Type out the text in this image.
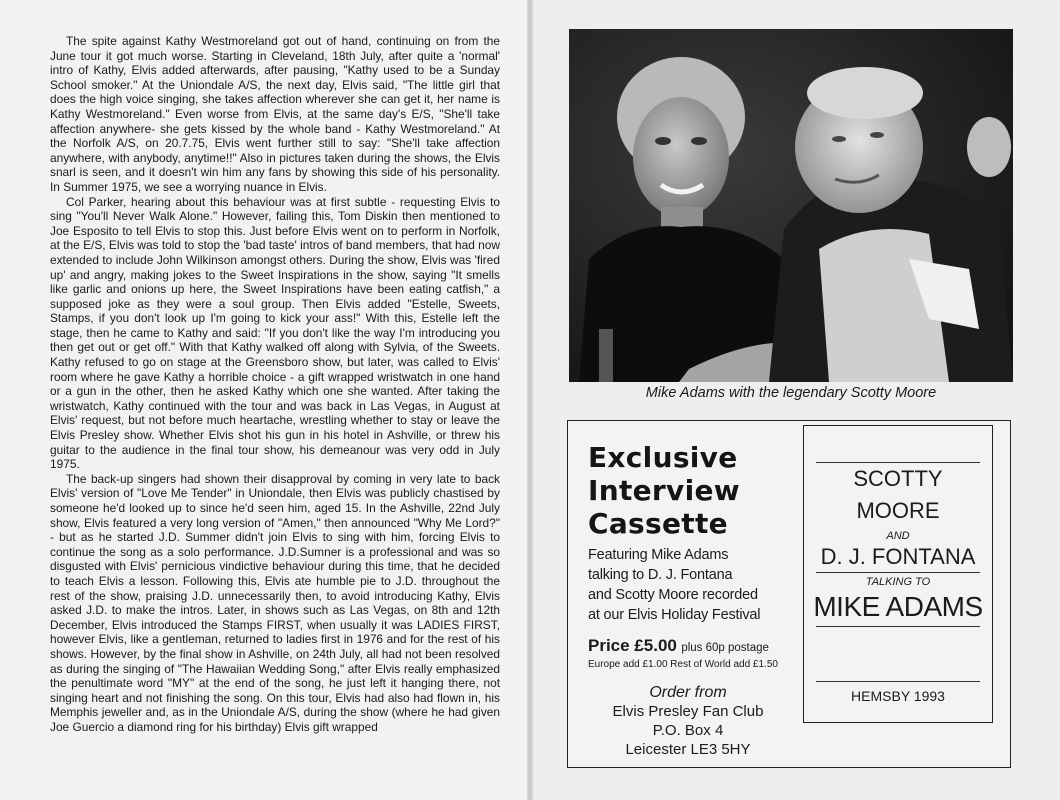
The spite against Kathy Westmoreland got out of hand, continuing on from the June tour it got much worse. Starting in Cleveland, 18th July, after quite a 'normal' intro of Kathy, Elvis added afterwards, after pausing, "Kathy used to be a Sunday School smoker." At the Uniondale A/S, the next day, Elvis said, "The little girl that does the high voice singing, she takes affection wherever she can get it, her name is Kathy Westmoreland." Even worse from Elvis, at the same day's E/S, "She'll take affection anywhere- she gets kissed by the whole band - Kathy Westmoreland." At the Norfolk A/S, on 20.7.75, Elvis went further still to say: "She'll take affection anywhere, with anybody, anytime!!" Also in pictures taken during the shows, the Elvis snarl is seen, and it doesn't win him any fans by showing this side of his personality. In Summer 1975, we see a worrying nuance in Elvis.

Col Parker, hearing about this behaviour was at first subtle - requesting Elvis to sing "You'll Never Walk Alone." However, failing this, Tom Diskin then mentioned to Joe Esposito to tell Elvis to stop this. Just before Elvis went on to perform in Norfolk, at the E/S, Elvis was told to stop the 'bad taste' intros of band members, that had now extended to include John Wilkinson amongst others. During the show, Elvis was 'fired up' and angry, making jokes to the Sweet Inspirations in the show, saying "It smells like garlic and onions up here, the Sweet Inspirations have been eating catfish," a supposed joke as they were a soul group. Then Elvis added "Estelle, Sweets, Stamps, if you don't look up I'm going to kick your ass!" With this, Estelle left the stage, then he came to Kathy and said: "If you don't like the way I'm introducing you then get out or get off." With that Kathy walked off along with Sylvia, of the Sweets. Kathy refused to go on stage at the Greensboro show, but later, was called to Elvis' room where he gave Kathy a horrible choice - a gift wrapped wristwatch in one hand or a gun in the other, then he asked Kathy which one she wanted. After taking the wristwatch, Kathy continued with the tour and was back in Las Vegas, in August at Elvis' request, but not before much heartache, wrestling whether to stay or leave the Elvis Presley show. Whether Elvis shot his gun in his hotel in Ashville, or threw his guitar to the audience in the final tour show, his demeanour was very odd in July 1975.

The back-up singers had shown their disapproval by coming in very late to back Elvis' version of "Love Me Tender" in Uniondale, then Elvis was publicly chastised by someone he'd looked up to since he'd seen him, aged 15. In the Ashville, 22nd July show, Elvis featured a very long version of "Amen," then announced "Why Me Lord?" - but as he started J.D. Summer didn't join Elvis to sing with him, forcing Elvis to continue the song as a solo performance. J.D.Sumner is a professional and was so disgusted with Elvis' pernicious vindictive behaviour during this time, that he decided to teach Elvis a lesson. Following this, Elvis ate humble pie to J.D. throughout the rest of the show, praising J.D. unnecessarily then, to avoid introducing Kathy, Elvis asked J.D. to make the intros. Later, in shows such as Las Vegas, on 8th and 12th December, Elvis introduced the Stamps FIRST, when usually it was LADIES FIRST, however Elvis, like a gentleman, returned to ladies first in 1976 and for the rest of his shows. However, by the final show in Ashville, on 24th July, all had not been resolved as during the singing of "The Hawaiian Wedding Song," after Elvis really emphasized the penultimate word "MY" at the end of the song, he just left it hanging there, not singing heart and not finishing the song. On this tour, Elvis had also had flown in, his Memphis jeweller and, as in the Uniondale A/S, during the show (where he had given Joe Guercio a diamond ring for his birthday) Elvis gift wrapped

Mike Adams with the legendary Scotty Moore
Exclusive
Interview
Cassette
Featuring Mike Adams
talking to D. J. Fontana
and Scotty Moore recorded
at our Elvis Holiday Festival
Price £5.00 plus 60p postage
Europe add £1.00 Rest of World add £1.50
Order from
Elvis Presley Fan Club
P.O. Box 4
Leicester LE3 5HY
SCOTTY
MOORE
AND
D. J. FONTANA
TALKING TO
MIKE ADAMS
HEMSBY 1993
